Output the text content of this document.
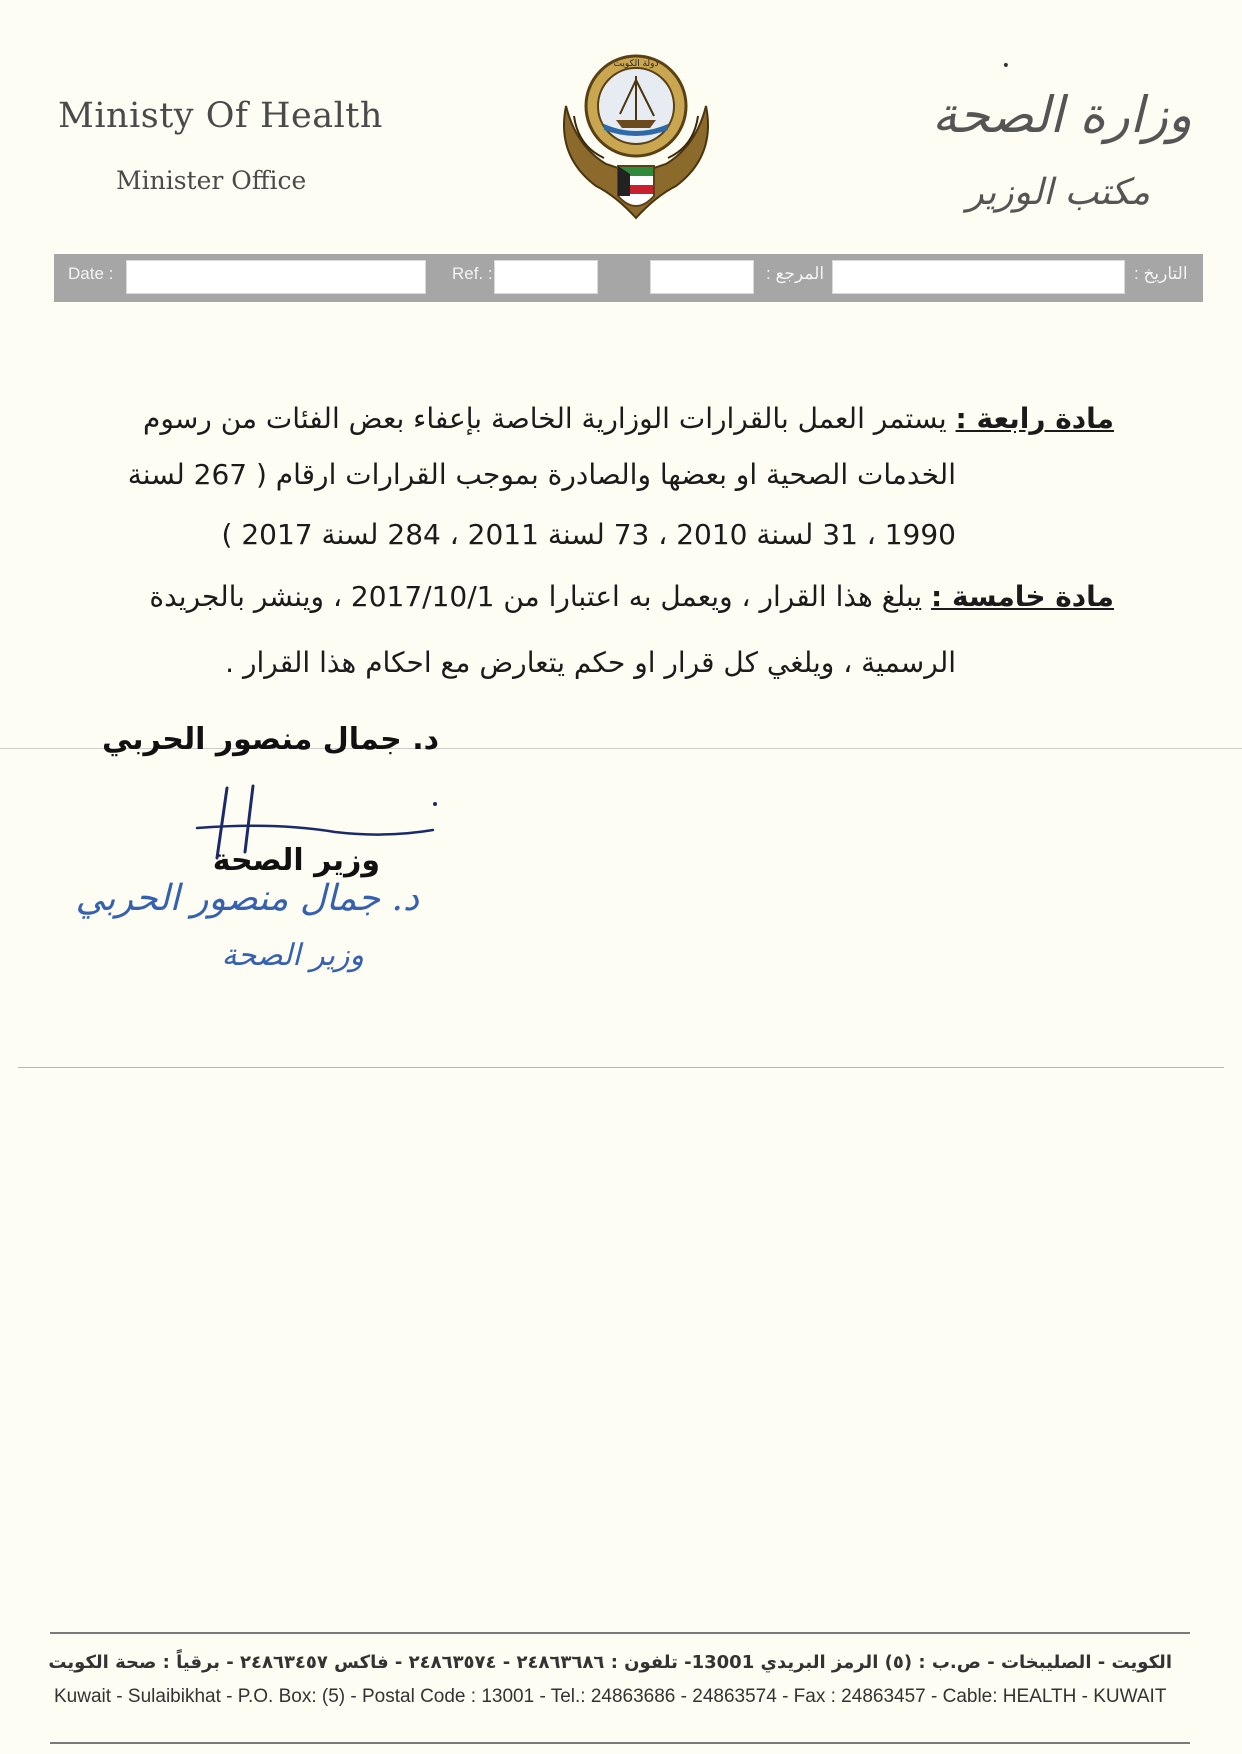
Ministy Of Health
Minister Office
•
وزارة الصحة
مكتب الوزير
دولة الكويت
Date :	Ref. :	: المرجع	: التاريخ
مادة رابعة : يستمر العمل بالقرارات الوزارية الخاصة بإعفاء بعض الفئات من رسوم
الخدمات الصحية او بعضها والصادرة بموجب القرارات ارقام ( 267 لسنة
1990 ، 31 لسنة 2010 ، 73 لسنة 2011 ، 284 لسنة 2017 )
مادة خامسة : يبلغ هذا القرار ، ويعمل به اعتبارا من 2017/10/1 ، وينشر بالجريدة
الرسمية ، ويلغي كل قرار او حكم يتعارض مع احكام هذا القرار .
د. جمال منصور الحربي
وزير الصحة
د. جمال منصور الحربي
وزير الصحة
الكويت - الصليبخات - ص.ب : (٥) الرمز البريدي 13001- تلفون : ٢٤٨٦٣٦٨٦ - ٢٤٨٦٣٥٧٤ - فاكس ٢٤٨٦٣٤٥٧ - برقياً : صحة الكويت
Kuwait - Sulaibikhat - P.O. Box: (5) - Postal Code : 13001 - Tel.: 24863686 - 24863574 - Fax : 24863457 - Cable: HEALTH - KUWAIT
